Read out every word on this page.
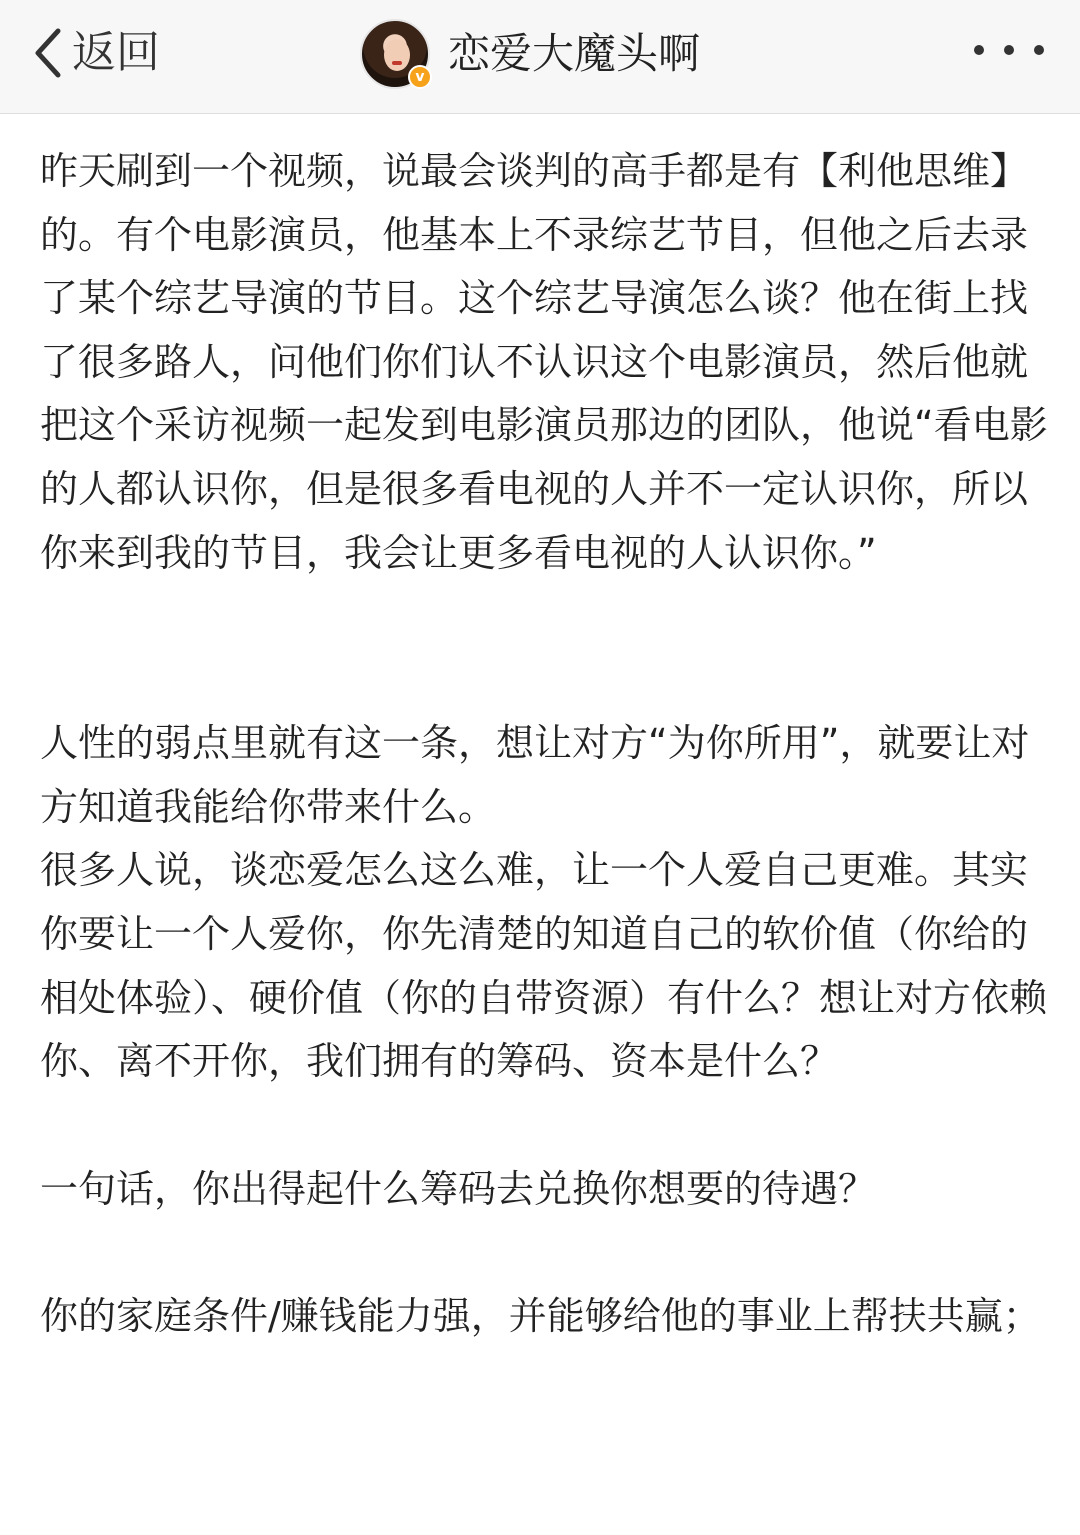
返回	v 恋爱大魔头啊

昨天刷到一个视频，说最会谈判的高手都是有【利他思维】的。有个电影演员，他基本上不录综艺节目，但他之后去录了某个综艺导演的节目。这个综艺导演怎么谈？他在街上找了很多路人，问他们你们认不认识这个电影演员，然后他就把这个采访视频一起发到电影演员那边的团队，他说“看电影的人都认识你，但是很多看电视的人并不一定认识你，所以你来到我的节目，我会让更多看电视的人认识你。”

人性的弱点里就有这一条，想让对方“为你所用”，就要让对方知道我能给你带来什么。

很多人说，谈恋爱怎么这么难，让一个人爱自己更难。其实你要让一个人爱你，你先清楚的知道自己的软价值（你给的相处体验）、硬价值（你的自带资源）有什么？想让对方依赖你、离不开你，我们拥有的筹码、资本是什么？

一句话，你出得起什么筹码去兑换你想要的待遇？

你的家庭条件/赚钱能力强，并能够给他的事业上帮扶共赢；
